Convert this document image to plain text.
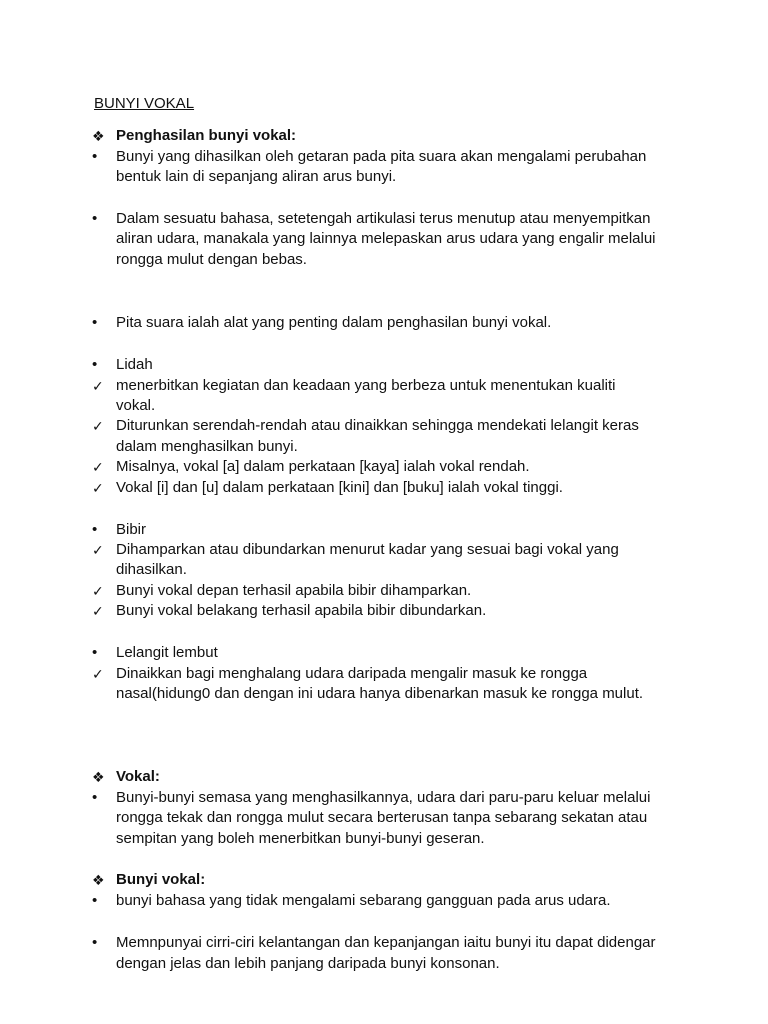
BUNYI VOKAL
❖ Penghasilan bunyi vokal:
•	Bunyi yang dihasilkan oleh getaran pada pita suara akan mengalami perubahan
bentuk lain di sepanjang aliran arus bunyi.
•	Dalam sesuatu bahasa, setetengah artikulasi terus menutup atau menyempitkan
aliran udara, manakala yang lainnya melepaskan arus udara yang engalir melalui
rongga mulut dengan bebas.
•	Pita suara ialah alat yang penting dalam penghasilan bunyi vokal.
•	Lidah
✓ menerbitkan kegiatan dan keadaan yang berbeza untuk menentukan kualiti
vokal.
✓ Diturunkan serendah-rendah atau dinaikkan sehingga mendekati lelangit keras
dalam menghasilkan bunyi.
✓ Misalnya, vokal [a] dalam perkataan [kaya] ialah vokal rendah.
✓ Vokal [i] dan [u] dalam perkataan [kini] dan [buku] ialah vokal tinggi.
•	Bibir
✓ Dihamparkan atau dibundarkan menurut kadar yang sesuai bagi vokal yang
dihasilkan.
✓ Bunyi vokal depan terhasil apabila bibir dihamparkan.
✓ Bunyi vokal belakang terhasil apabila bibir dibundarkan.
•	Lelangit lembut
✓ Dinaikkan bagi menghalang udara daripada mengalir masuk ke rongga
nasal(hidung0 dan dengan ini udara hanya dibenarkan masuk ke rongga mulut.
❖ Vokal:
•	Bunyi-bunyi semasa yang menghasilkannya, udara dari paru-paru keluar melalui
rongga tekak dan rongga mulut secara berterusan tanpa sebarang sekatan atau
sempitan yang boleh menerbitkan bunyi-bunyi geseran.
❖ Bunyi vokal:
•	bunyi bahasa yang tidak mengalami sebarang gangguan pada arus udara.
•	Memnpunyai cirri-ciri kelantangan dan kepanjangan iaitu bunyi itu dapat didengar
dengan jelas dan lebih panjang daripada bunyi konsonan.
